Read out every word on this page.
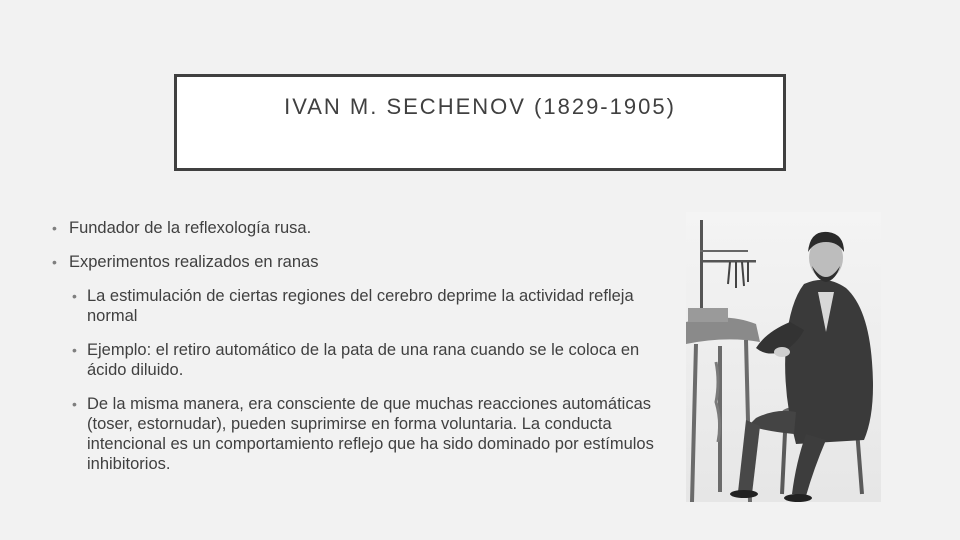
IVAN M. SECHENOV (1829-1905)
• Fundador de la reflexología rusa.
• Experimentos realizados en ranas
• La estimulación de ciertas regiones del cerebro deprime la actividad refleja normal
• Ejemplo: el retiro automático de la pata de una rana cuando se le coloca en ácido diluido.
• De la misma manera, era consciente de que muchas reacciones automáticas (toser, estornudar), pueden suprimirse en forma voluntaria. La conducta intencional es un comportamiento reflejo que ha sido dominado por estímulos inhibitorios.
